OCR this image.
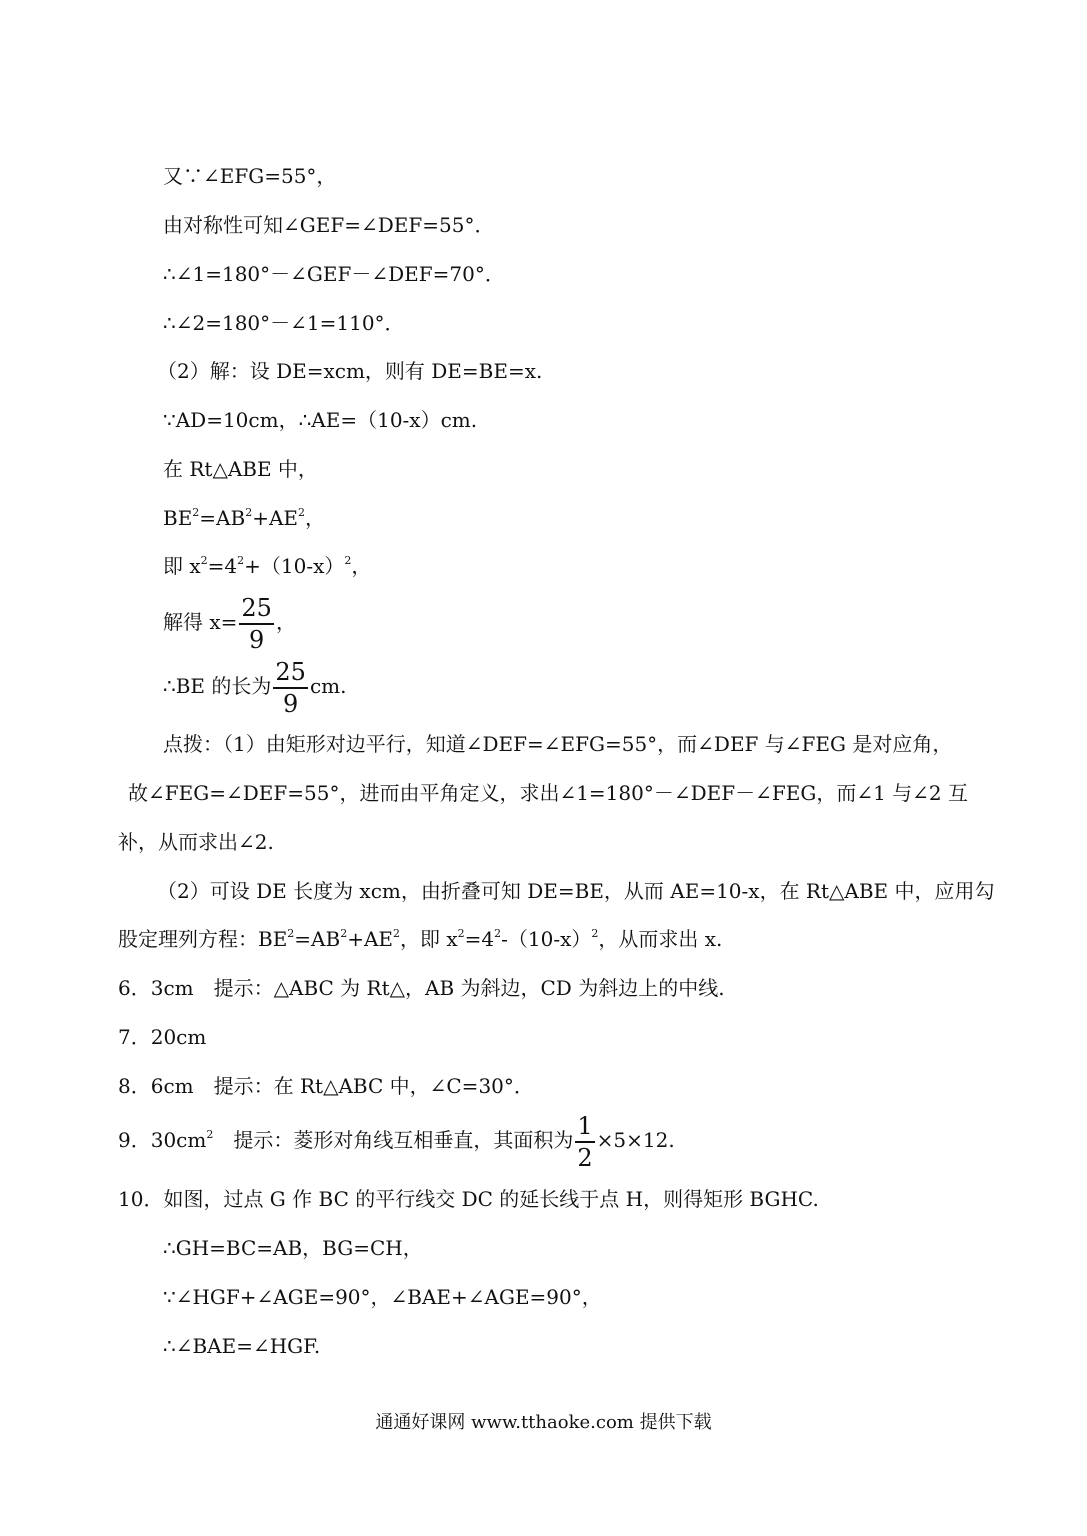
又∵∠EFG=55°，
由对称性可知∠GEF=∠DEF=55°．
∴∠1=180°－∠GEF－∠DEF=70°．
∴∠2=180°－∠1=110°．
（2）解：设 DE=xcm，则有 DE=BE=x.
∵AD=10cm，∴AE=（10-x）cm.
在 Rt△ABE 中，
$BE^2=AB^2+AE^2$，
即 $x^2=4^2+(10-x)^2$，
解得 $x= \frac{25}{9}$ ，
∴BE 的长为 $\frac{25}{9}$ cm.
点拨：（1）由矩形对边平行，知道∠DEF=∠EFG=55°，而∠DEF 与∠FEG 是对应角，
故∠FEG=∠DEF=55°，进而由平角定义，求出∠1=180°－∠DEF－∠FEG，而∠1 与∠2 互
补，从而求出∠2.
（2）可设 DE 长度为 xcm，由折叠可知 DE=BE，从而 AE=10-x，在 Rt△ABE 中，应用勾
股定理列方程：$BE^2=AB^2+AE^2$，即 $x^2=4^2-(10-x)^2$，从而求出 x.
6．3cm　提示：△ABC 为 Rt△，AB 为斜边，CD 为斜边上的中线.
7．20cm
8．6cm　提示：在 Rt△ABC 中，∠C=30°．
9．$30cm^2$　提示：菱形对角线互相垂直，其面积为 $\frac{1}{2} \times 5\times 12$.
10．如图，过点 G 作 BC 的平行线交 DC 的延长线于点 H，则得矩形 BGHC.
∴GH=BC=AB，BG=CH，
∵∠HGF+∠AGE=90°，∠BAE+∠AGE=90°，
∴∠BAE=∠HGF.
通通好课网 www.tthaoke.com 提供下载
